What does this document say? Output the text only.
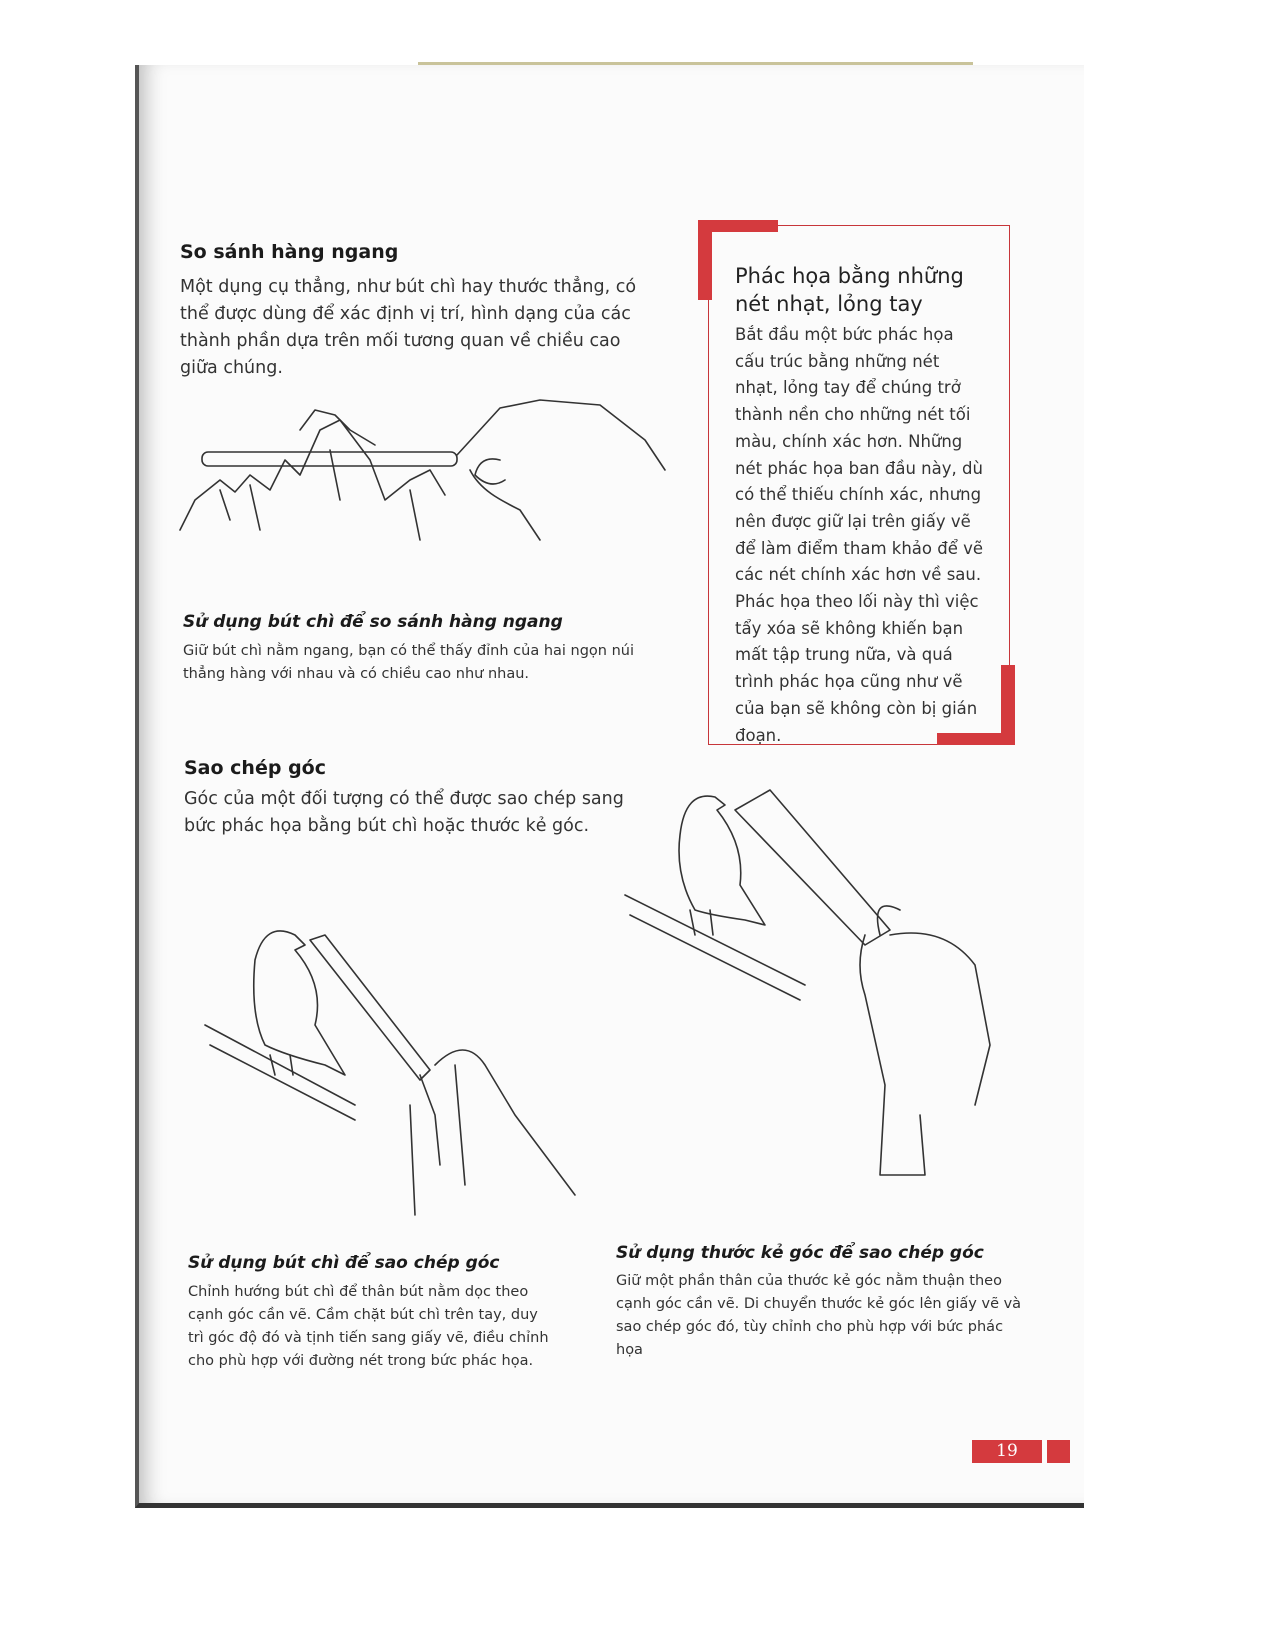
So sánh hàng ngang
Một dụng cụ thẳng, như bút chì hay thước thẳng, có thể được dùng để xác định vị trí, hình dạng của các thành phần dựa trên mối tương quan về chiều cao giữa chúng.
Sử dụng bút chì để so sánh hàng ngang
Giữ bút chì nằm ngang, bạn có thể thấy đỉnh của hai ngọn núi thẳng hàng với nhau và có chiều cao như nhau.
Phác họa bằng những nét nhạt, lỏng tay
Bắt đầu một bức phác họa cấu trúc bằng những nét nhạt, lỏng tay để chúng trở thành nền cho những nét tối màu, chính xác hơn. Những nét phác họa ban đầu này, dù có thể thiếu chính xác, nhưng nên được giữ lại trên giấy vẽ để làm điểm tham khảo để vẽ các nét chính xác hơn về sau. Phác họa theo lối này thì việc tẩy xóa sẽ không khiến bạn mất tập trung nữa, và quá trình phác họa cũng như vẽ của bạn sẽ không còn bị gián đoạn.
Sao chép góc
Góc của một đối tượng có thể được sao chép sang bức phác họa bằng bút chì hoặc thước kẻ góc.
Sử dụng bút chì để sao chép góc
Chỉnh hướng bút chì để thân bút nằm dọc theo cạnh góc cần vẽ. Cầm chặt bút chì trên tay, duy trì góc độ đó và tịnh tiến sang giấy vẽ, điều chỉnh cho phù hợp với đường nét trong bức phác họa.
Sử dụng thước kẻ góc để sao chép góc
Giữ một phần thân của thước kẻ góc nằm thuận theo cạnh góc cần vẽ. Di chuyển thước kẻ góc lên giấy vẽ và sao chép góc đó, tùy chỉnh cho phù hợp với bức phác họa
19
